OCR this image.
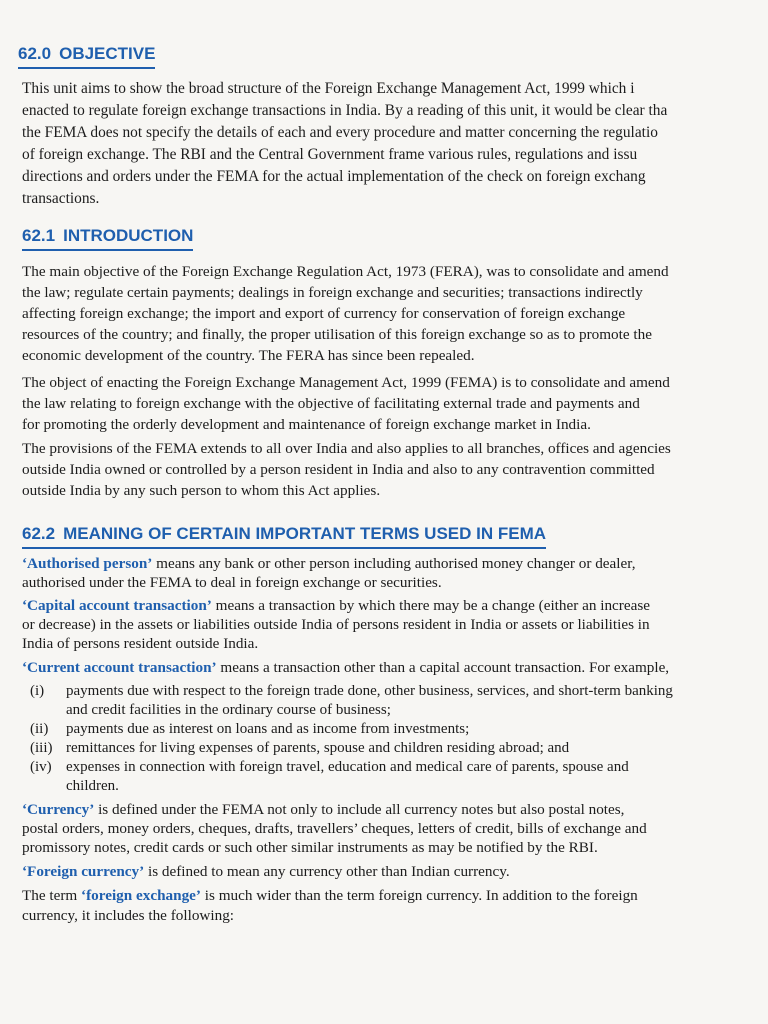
62.0 OBJECTIVE
This unit aims to show the broad structure of the Foreign Exchange Management Act, 1999 which i
enacted to regulate foreign exchange transactions in India. By a reading of this unit, it would be clear tha
the FEMA does not specify the details of each and every procedure and matter concerning the regulatio
of foreign exchange. The RBI and the Central Government frame various rules, regulations and issu
directions and orders under the FEMA for the actual implementation of the check on foreign exchang
transactions.
62.1 INTRODUCTION
The main objective of the Foreign Exchange Regulation Act, 1973 (FERA), was to consolidate and amend
the law; regulate certain payments; dealings in foreign exchange and securities; transactions indirectly
affecting foreign exchange; the import and export of currency for conservation of foreign exchange
resources of the country; and finally, the proper utilisation of this foreign exchange so as to promote the
economic development of the country. The FERA has since been repealed.
The object of enacting the Foreign Exchange Management Act, 1999 (FEMA) is to consolidate and amend
the law relating to foreign exchange with the objective of facilitating external trade and payments and
for promoting the orderly development and maintenance of foreign exchange market in India.
The provisions of the FEMA extends to all over India and also applies to all branches, offices and agencies
outside India owned or controlled by a person resident in India and also to any contravention committed
outside India by any such person to whom this Act applies.
62.2 MEANING OF CERTAIN IMPORTANT TERMS USED IN FEMA
‘Authorised person’ means any bank or other person including authorised money changer or dealer,
authorised under the FEMA to deal in foreign exchange or securities.
‘Capital account transaction’ means a transaction by which there may be a change (either an increase
or decrease) in the assets or liabilities outside India of persons resident in India or assets or liabilities in
India of persons resident outside India.
‘Current account transaction’ means a transaction other than a capital account transaction. For example,
(i)	payments due with respect to the foreign trade done, other business, services, and short-term banking
and credit facilities in the ordinary course of business;
(ii)	payments due as interest on loans and as income from investments;
(iii) remittances for living expenses of parents, spouse and children residing abroad; and
(iv) expenses in connection with foreign travel, education and medical care of parents, spouse and
children.
‘Currency’ is defined under the FEMA not only to include all currency notes but also postal notes,
postal orders, money orders, cheques, drafts, travellers’ cheques, letters of credit, bills of exchange and
promissory notes, credit cards or such other similar instruments as may be notified by the RBI.
‘Foreign currency’ is defined to mean any currency other than Indian currency.
The term ‘foreign exchange’ is much wider than the term foreign currency. In addition to the foreign
currency, it includes the following:
